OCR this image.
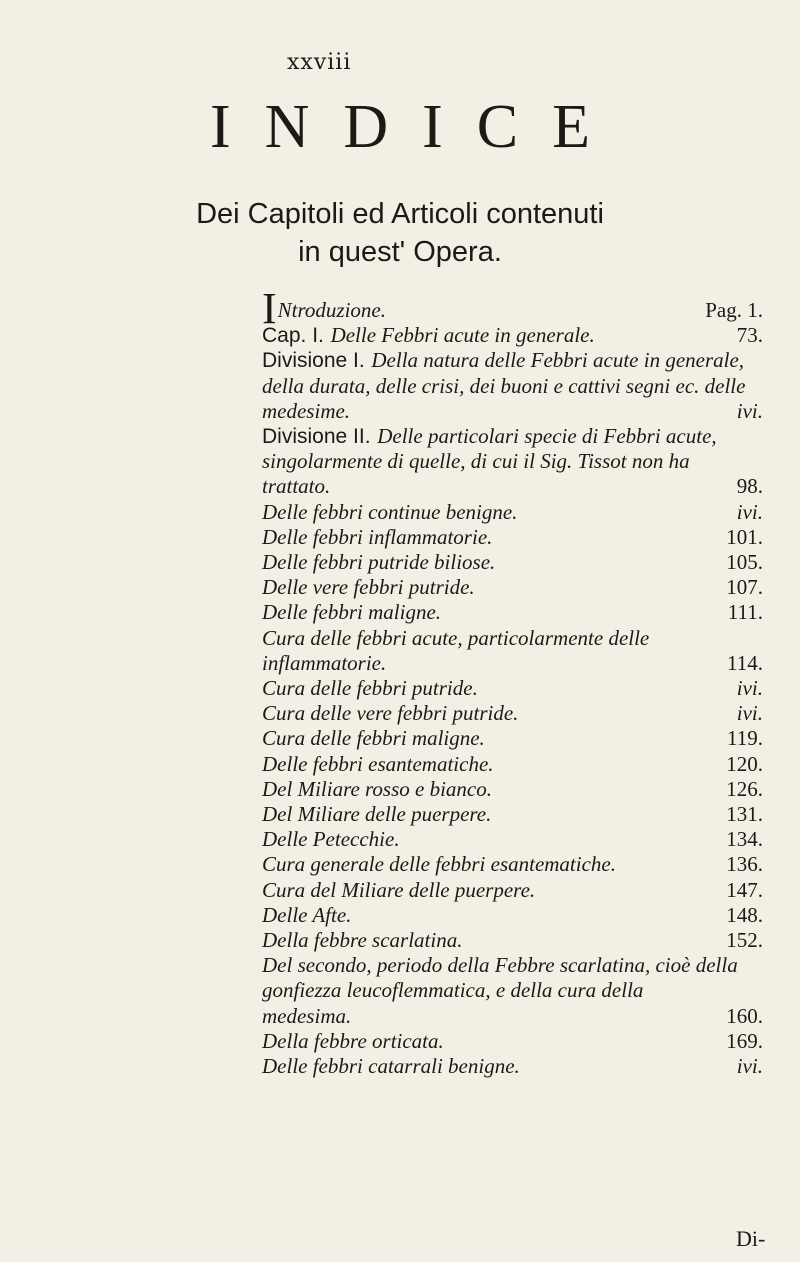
xxviii
INDICE
Dei Capitoli ed Articoli contenuti
in quest' Opera.
INtroduzione.	Pag. 1.
Cap. I. Delle Febbri acute in generale.	73.
Divisione I. Della natura delle Febbri acute in generale, della durata, delle crisi, dei buoni e cattivi segni ec. delle medesime.	ivi.
Divisione II. Delle particolari specie di Febbri acute, singolarmente di quelle, di cui il Sig. Tissot non ha trattato.	98.
Delle febbri continue benigne.	ivi.
Delle febbri inflammatorie.	101.
Delle febbri putride biliose.	105.
Delle vere febbri putride.	107.
Delle febbri maligne.	111.
Cura delle febbri acute, particolarmente delle inflammatorie.	114.
Cura delle febbri putride.	ivi.
Cura delle vere febbri putride.	ivi.
Cura delle febbri maligne.	119.
Delle febbri esantematiche.	120.
Del Miliare rosso e bianco.	126.
Del Miliare delle puerpere.	131.
Delle Petecchie.	134.
Cura generale delle febbri esantematiche.	136.
Cura del Miliare delle puerpere.	147.
Delle Afte.	148.
Della febbre scarlatina.	152.
Del secondo, periodo della Febbre scarlatina, cioè della gonfiezza leucoflemmatica, e della cura della medesima.	160.
Della febbre orticata.	169.
Delle febbri catarrali benigne.	ivi.
Di-
